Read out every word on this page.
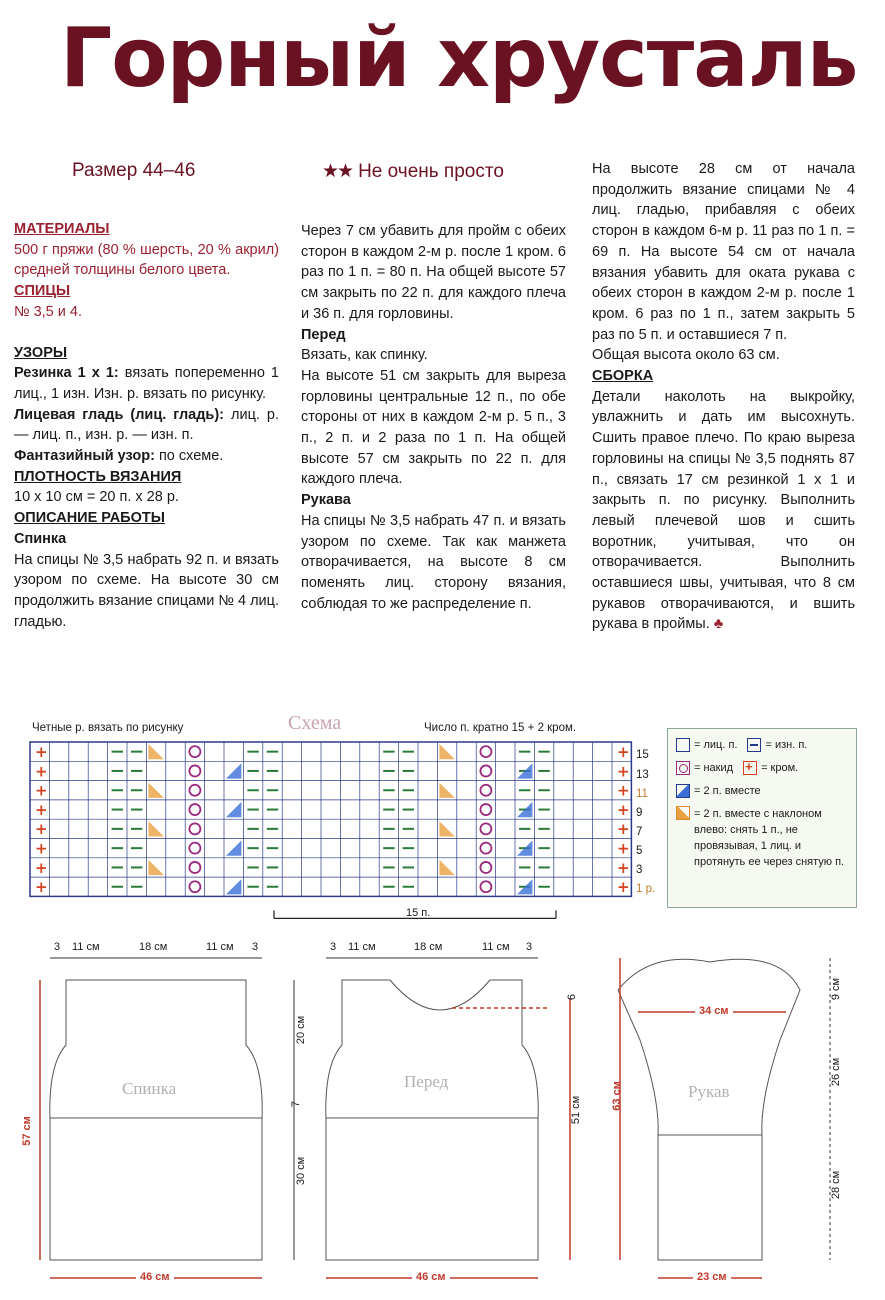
Горный хрусталь
Размер 44–46	★★ Не очень просто

МАТЕРИАЛЫ

500 г пряжи (80 % шерсть, 20 % акрил) средней толщины белого цвета.

СПИЦЫ

№ 3,5 и 4.

УЗОРЫ

Резинка 1 x 1: вязать попеременно 1 лиц., 1 изн. Изн. р. вязать по рисунку.

Лицевая гладь (лиц. гладь): лиц. р. — лиц. п., изн. р. — изн. п.

Фантазийный узор: по схеме.

ПЛОТНОСТЬ ВЯЗАНИЯ

10 x 10 см = 20 п. x 28 р.

ОПИСАНИЕ РАБОТЫ

Спинка

На спицы № 3,5 набрать 92 п. и вязать узором по схеме. На высоте 30 см продолжить вязание спицами № 4 лиц. гладью.

Через 7 см убавить для пройм с обеих сторон в каждом 2-м р. после 1 кром. 6 раз по 1 п. = 80 п. На общей высоте 57 см закрыть по 22 п. для каждого плеча и 36 п. для горловины.

Перед

Вязать, как спинку.

На высоте 51 см закрыть для выреза горловины центральные 12 п., по обе стороны от них в каждом 2-м р. 5 п., 3 п., 2 п. и 2 раза по 1 п. На общей высоте 57 см закрыть по 22 п. для каждого плеча.

Рукава

На спицы № 3,5 набрать 47 п. и вязать узором по схеме. Так как манжета отворачивается, на высоте 8 см поменять лиц. сторону вязания, соблюдая то же распределение п.

На высоте 28 см от начала продолжить вязание спицами № 4 лиц. гладью, прибавляя с обеих сторон в каждом 6-м р. 11 раз по 1 п. = 69 п. На высоте 54 см от начала вязания убавить для оката рукава с обеих сторон в каждом 2-м р. после 1 кром. 6 раз по 1 п., затем закрыть 5 раз по 5 п. и оставшиеся 7 п.

Общая высота около 63 см.

СБОРКА

Детали наколоть на выкройку, увлажнить и дать им высохнуть. Сшить правое плечо. По краю выреза горловины на спицы № 3,5 поднять 87 п., связать 17 см резинкой 1 x 1 и закрыть п. по рисунку. Выполнить левый плечевой шов и сшить воротник, учитывая, что он отворачивается. Выполнить оставшиеся швы, учитывая, что 8 см рукавов отворачиваются, и вшить рукава в проймы. ♣

Четные р. вязать по рисунку	Схема	Число п. кратно 15 + 2 кром.
+	+
+	+
+	+
+	+
+	+
+	+
+	+
+	+
15
13
11
9
7
5
3
1 р.
15 п.
= лиц. п.	= изн. п.
= накид
+	= кром.
= 2 п. вместе
= 2 п. вместе с наклоном влево: снять 1 п., не провязывая, 1 лиц. и протянуть ее через снятую п.
3 11 см	18 см	11 см 3	3 11 см	18 см	11 см 3
Спинка	Перед
Рукав
57 см
20 см
7
30 см
6
51 см	63 см
9 см
26 см
28 см
34 см
46 см	46 см	23 см
